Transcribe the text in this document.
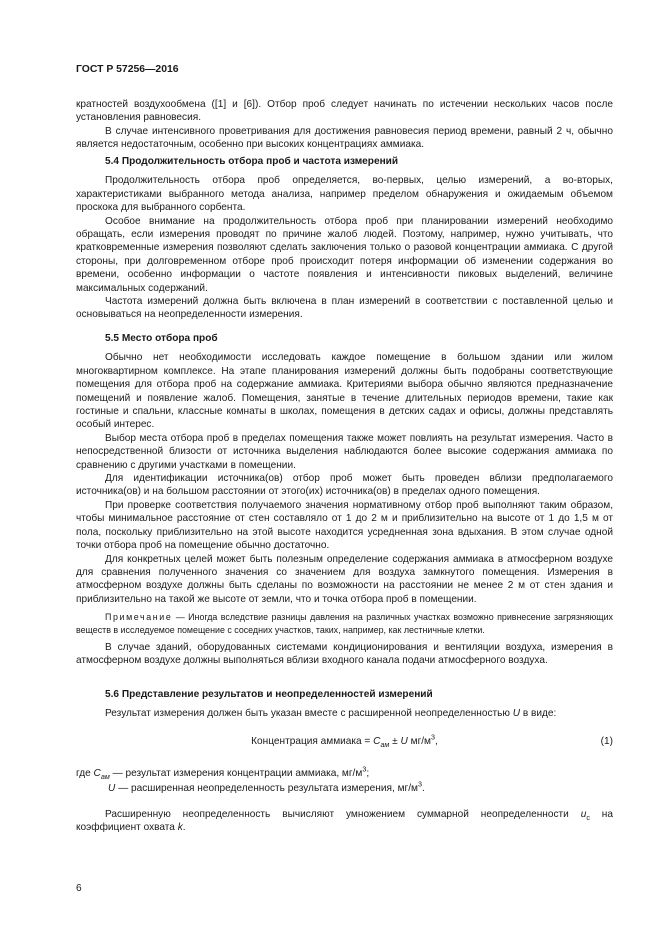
ГОСТ Р 57256—2016

кратностей воздухообмена ([1] и [6]). Отбор проб следует начинать по истечении нескольких часов после установления равновесия.

В случае интенсивного проветривания для достижения равновесия период времени, равный 2 ч, обычно является недостаточным, особенно при высоких концентрациях аммиака.

5.4 Продолжительность отбора проб и частота измерений

Продолжительность отбора проб определяется, во-первых, целью измерений, а во-вторых, характеристиками выбранного метода анализа, например пределом обнаружения и ожидаемым объемом проскока для выбранного сорбента.

Особое внимание на продолжительность отбора проб при планировании измерений необходимо обращать, если измерения проводят по причине жалоб людей. Поэтому, например, нужно учитывать, что кратковременные измерения позволяют сделать заключения только о разовой концентрации аммиака. С другой стороны, при долговременном отборе проб происходит потеря информации об изменении содержания во времени, особенно информации о частоте появления и интенсивности пиковых выделений, величине максимальных содержаний.

Частота измерений должна быть включена в план измерений в соответствии с поставленной целью и основываться на неопределенности измерения.

5.5 Место отбора проб

Обычно нет необходимости исследовать каждое помещение в большом здании или жилом многоквартирном комплексе. На этапе планирования измерений должны быть подобраны соответствующие помещения для отбора проб на содержание аммиака. Критериями выбора обычно являются предназначение помещений и появление жалоб. Помещения, занятые в течение длительных периодов времени, такие как гостиные и спальни, классные комнаты в школах, помещения в детских садах и офисы, должны представлять особый интерес.

Выбор места отбора проб в пределах помещения также может повлиять на результат измерения. Часто в непосредственной близости от источника выделения наблюдаются более высокие содержания аммиака по сравнению с другими участками в помещении.

Для идентификации источника(ов) отбор проб может быть проведен вблизи предполагаемого источника(ов) и на большом расстоянии от этого(их) источника(ов) в пределах одного помещения.

При проверке соответствия получаемого значения нормативному отбор проб выполняют таким образом, чтобы минимальное расстояние от стен составляло от 1 до 2 м и приблизительно на высоте от 1 до 1,5 м от пола, поскольку приблизительно на этой высоте находится усредненная зона вдыхания. В этом случае одной точки отбора проб на помещение обычно достаточно.

Для конкретных целей может быть полезным определение содержания аммиака в атмосферном воздухе для сравнения полученного значения со значением для воздуха замкнутого помещения. Измерения в атмосферном воздухе должны быть сделаны по возможности на расстоянии не менее 2 м от стен здания и приблизительно на такой же высоте от земли, что и точка отбора проб в помещении.

Примечание — Иногда вследствие разницы давления на различных участках возможно привнесение загрязняющих веществ в исследуемое помещение с соседних участков, таких, например, как лестничные клетки.

В случае зданий, оборудованных системами кондиционирования и вентиляции воздуха, измерения в атмосферном воздухе должны выполняться вблизи входного канала подачи атмосферного воздуха.

5.6 Представление результатов и неопределенностей измерений

Результат измерения должен быть указан вместе с расширенной неопределенностью U в виде:

Концентрация аммиака = $C_{ам} \pm U$ $мг/м^3$,	(1)
где $C_{ам}$ — результат измерения концентрации аммиака, $мг/м^3$;
U — расширенная неопределенность результата измерения, $мг/м^3$.

Расширенную неопределенность вычисляют умножением суммарной неопределенности $u_c$ на коэффициент охвата k.

6
